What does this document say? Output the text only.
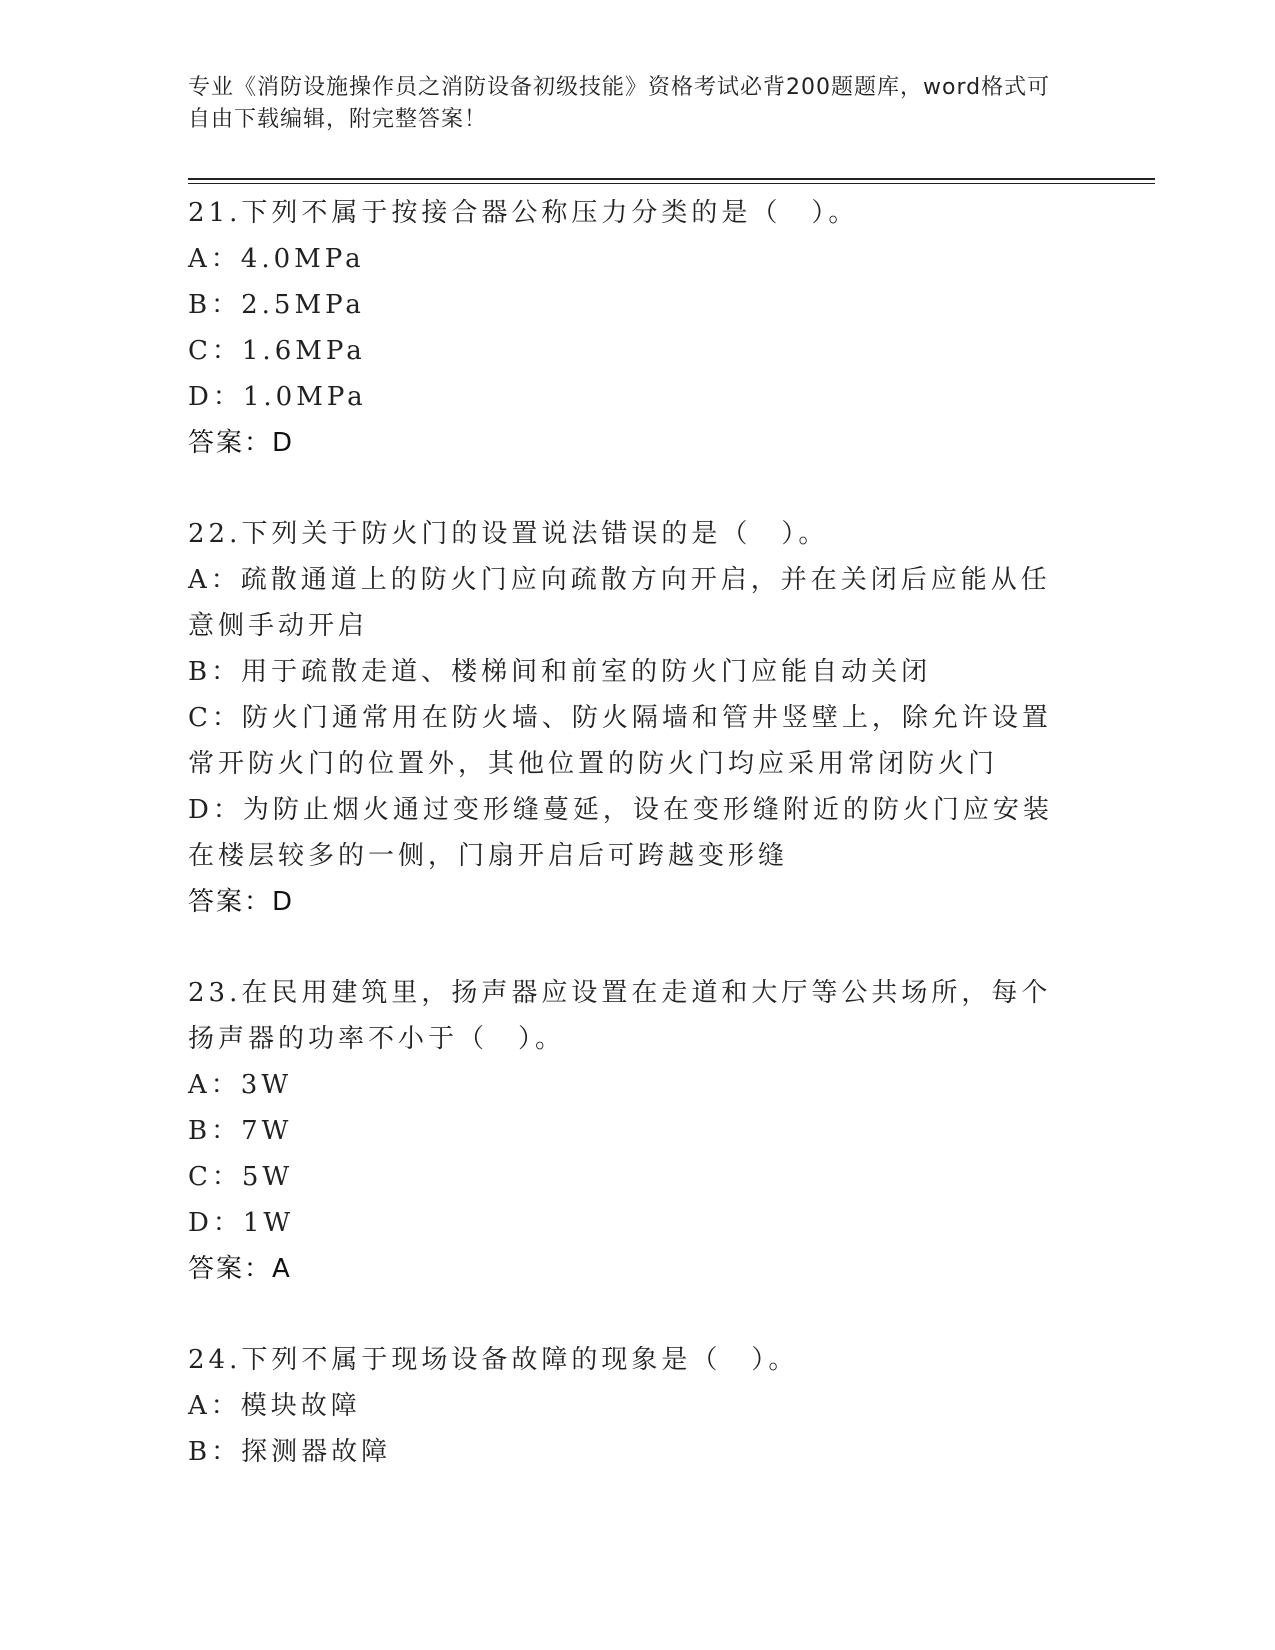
专业《消防设施操作员之消防设备初级技能》资格考试必背200题题库，word格式可自由下载编辑，附完整答案！
21.下列不属于按接合器公称压力分类的是（　）。
A：4.0MPa
B：2.5MPa
C：1.6MPa
D：1.0MPa
答案：D
22.下列关于防火门的设置说法错误的是（　）。
A：疏散通道上的防火门应向疏散方向开启，并在关闭后应能从任意侧手动开启
B：用于疏散走道、楼梯间和前室的防火门应能自动关闭
C：防火门通常用在防火墙、防火隔墙和管井竖壁上，除允许设置常开防火门的位置外，其他位置的防火门均应采用常闭防火门
D：为防止烟火通过变形缝蔓延，设在变形缝附近的防火门应安装在楼层较多的一侧，门扇开启后可跨越变形缝
答案：D
23.在民用建筑里，扬声器应设置在走道和大厅等公共场所，每个扬声器的功率不小于（　）。
A：3W
B：7W
C：5W
D：1W
答案：A
24.下列不属于现场设备故障的现象是（　）。
A：模块故障
B：探测器故障
